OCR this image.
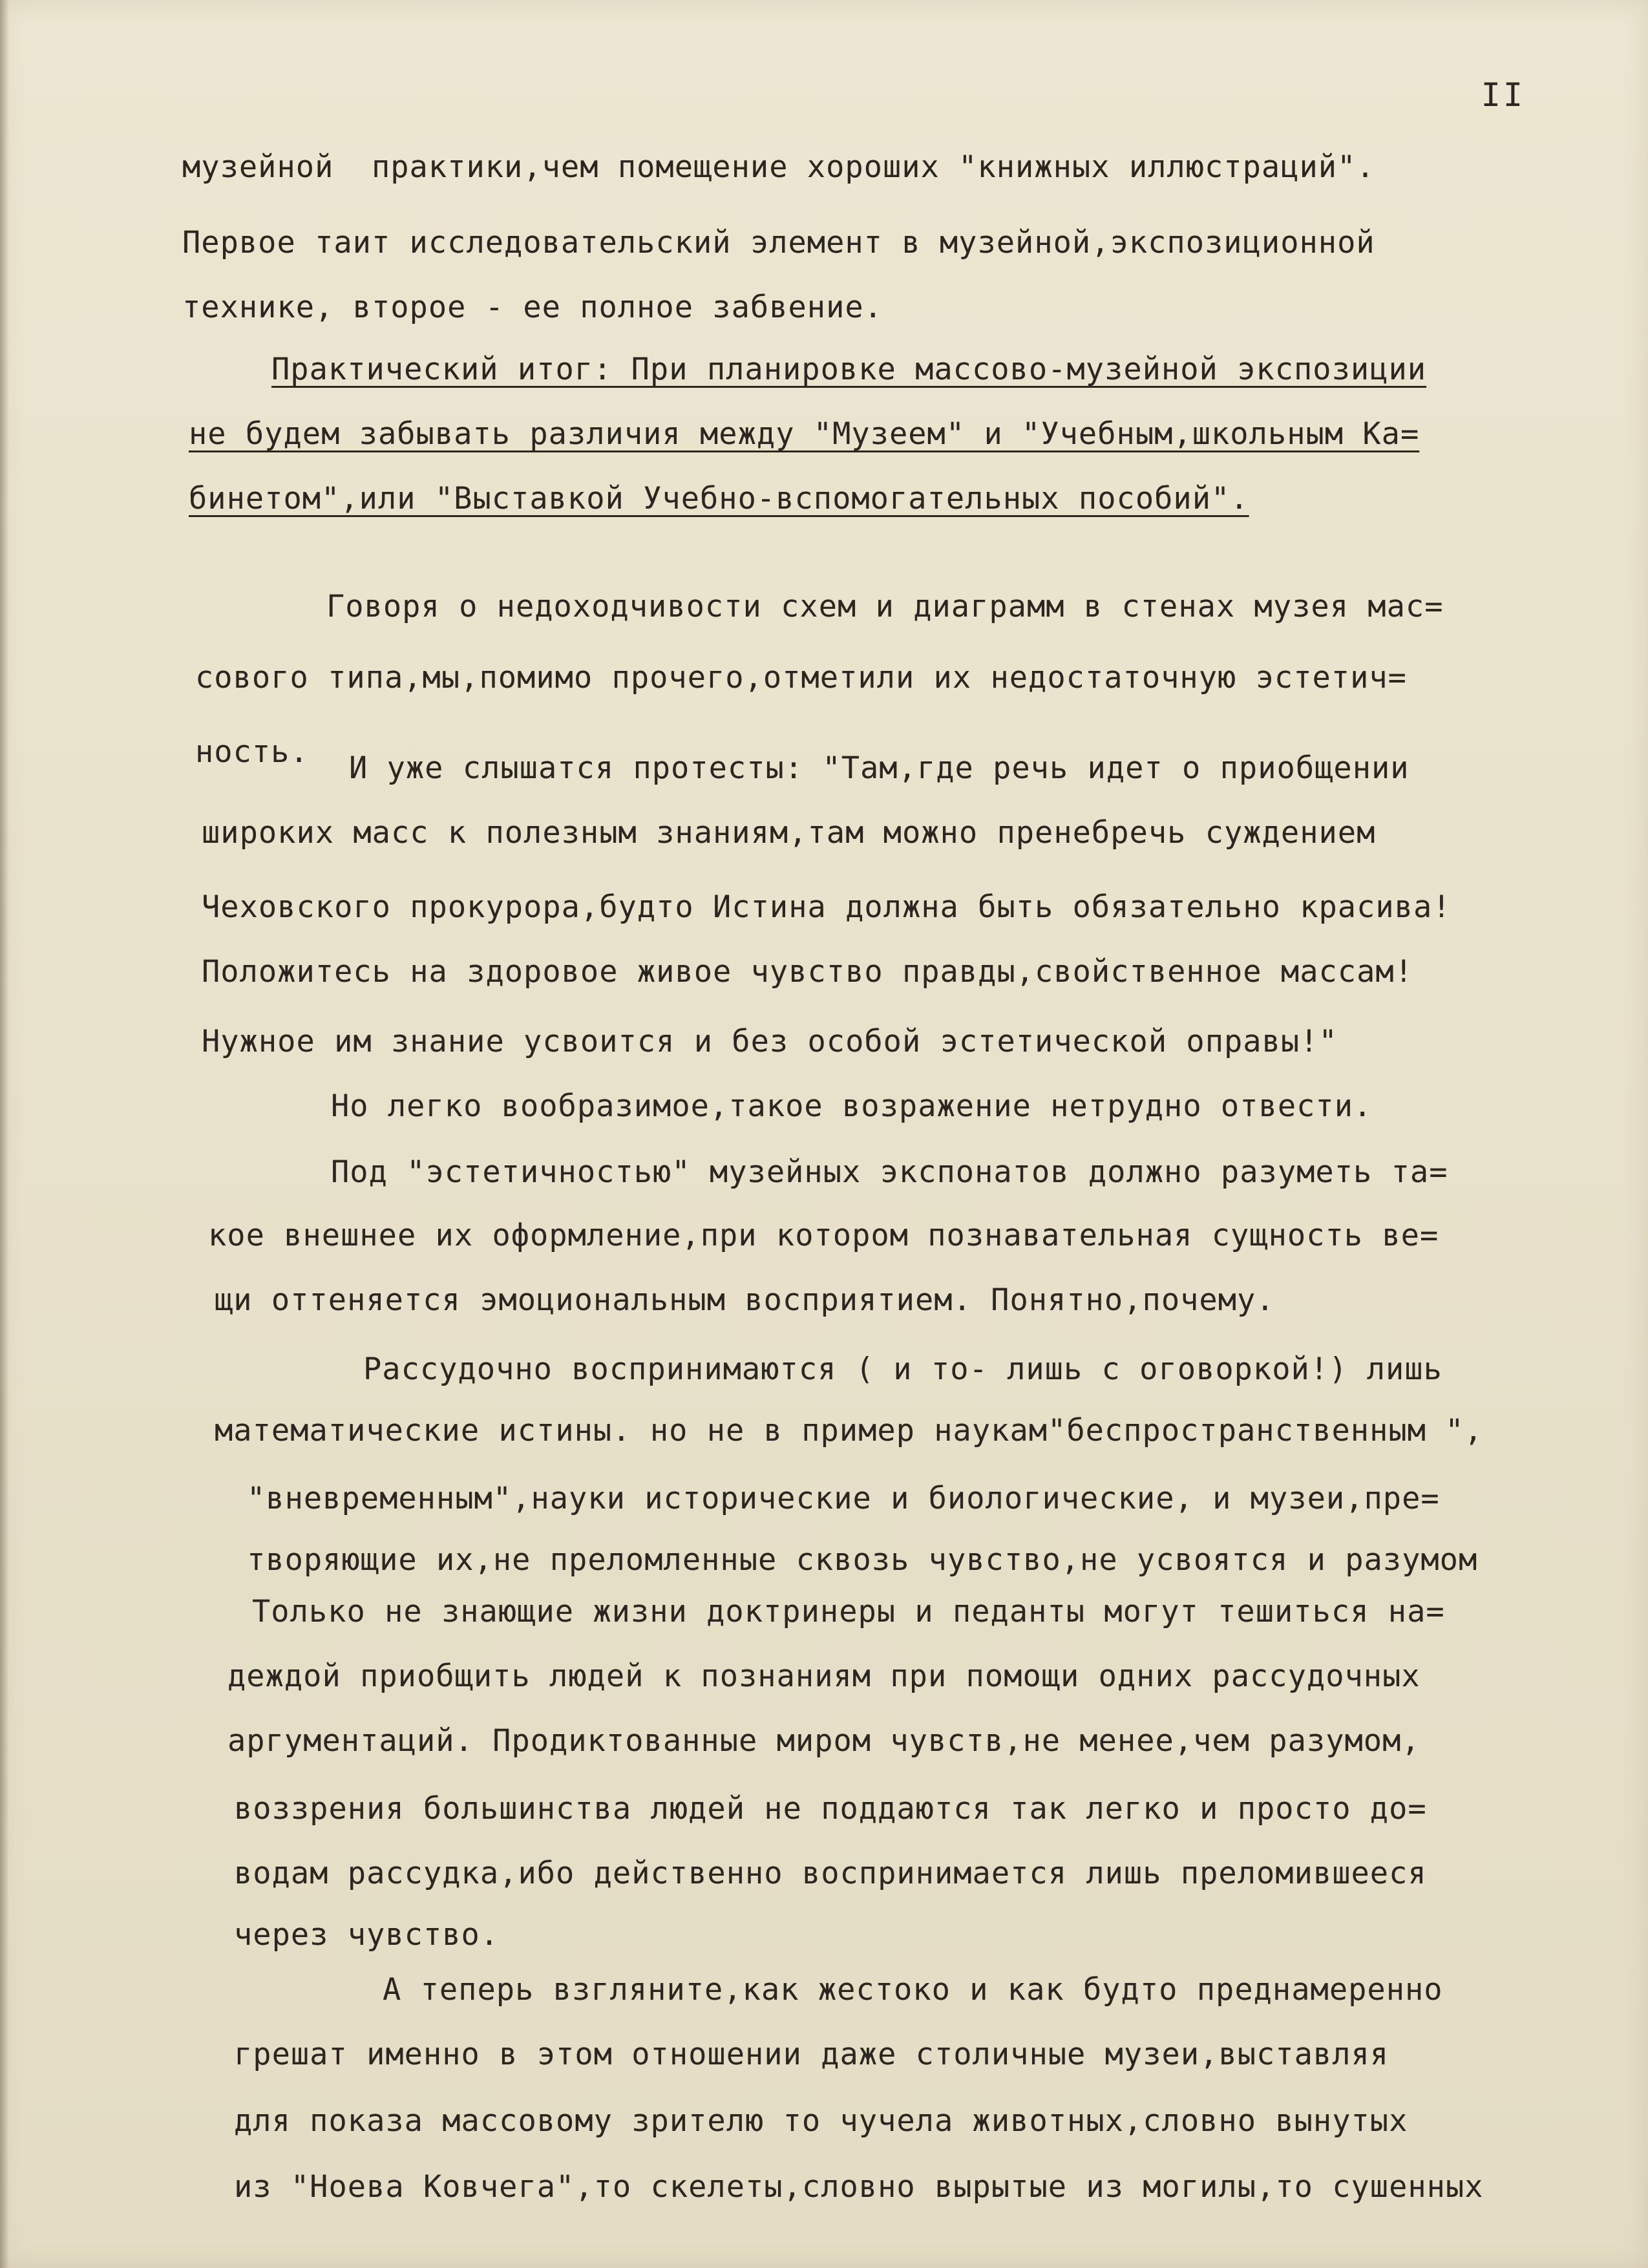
II
музейной  практики,чем помещение хороших "книжных иллюстраций".
Первое таит исследовательский элемент в музейной,экспозиционной
технике, второе - ее полное забвение.
Практический итог: При планировке массово-музейной экспозиции
не будем забывать различия между "Музеем" и "Учебным,школьным Ка=
бинетом",или "Выставкой Учебно-вспомогательных пособий".
Говоря о недоходчивости схем и диаграмм в стенах музея мас=
сового типа,мы,помимо прочего,отметили их недостаточную эстетич=
ность. И уже слышатся протесты: "Там,где речь идет о приобщении
широких масс к полезным знаниям,там можно пренебречь суждением
Чеховского прокурора,будто Истина должна быть обязательно красива!
Положитесь на здоровое живое чувство правды,свойственное массам!
Нужное им знание усвоится и без особой эстетической оправы!"
Но легко вообразимое,такое возражение нетрудно отвести.
Под "эстетичностью" музейных экспонатов должно разуметь та=
кое внешнее их оформление,при котором познавательная сущность ве=
щи оттеняется эмоциональным восприятием. Понятно,почему.
Рассудочно воспринимаются ( и то- лишь с оговоркой!) лишь
математические истины. но не в пример наукам"беспространственным ",
"вневременным",науки исторические и биологические, и музеи,пре=
творяющие их,не преломленные сквозь чувство,не усвоятся и разумом
Только не знающие жизни доктринеры и педанты могут тешиться на=
деждой приобщить людей к познаниям при помощи одних рассудочных
аргументаций. Продиктованные миром чувств,не менее,чем разумом,
воззрения большинства людей не поддаются так легко и просто до=
водам рассудка,ибо действенно воспринимается лишь преломившееся
через чувство.
А теперь взгляните,как жестоко и как будто преднамеренно
грешат именно в этом отношении даже столичные музеи,выставляя
для показа массовому зрителю то чучела животных,словно вынутых
из "Ноева Ковчега",то скелеты,словно вырытые из могилы,то сушенных
